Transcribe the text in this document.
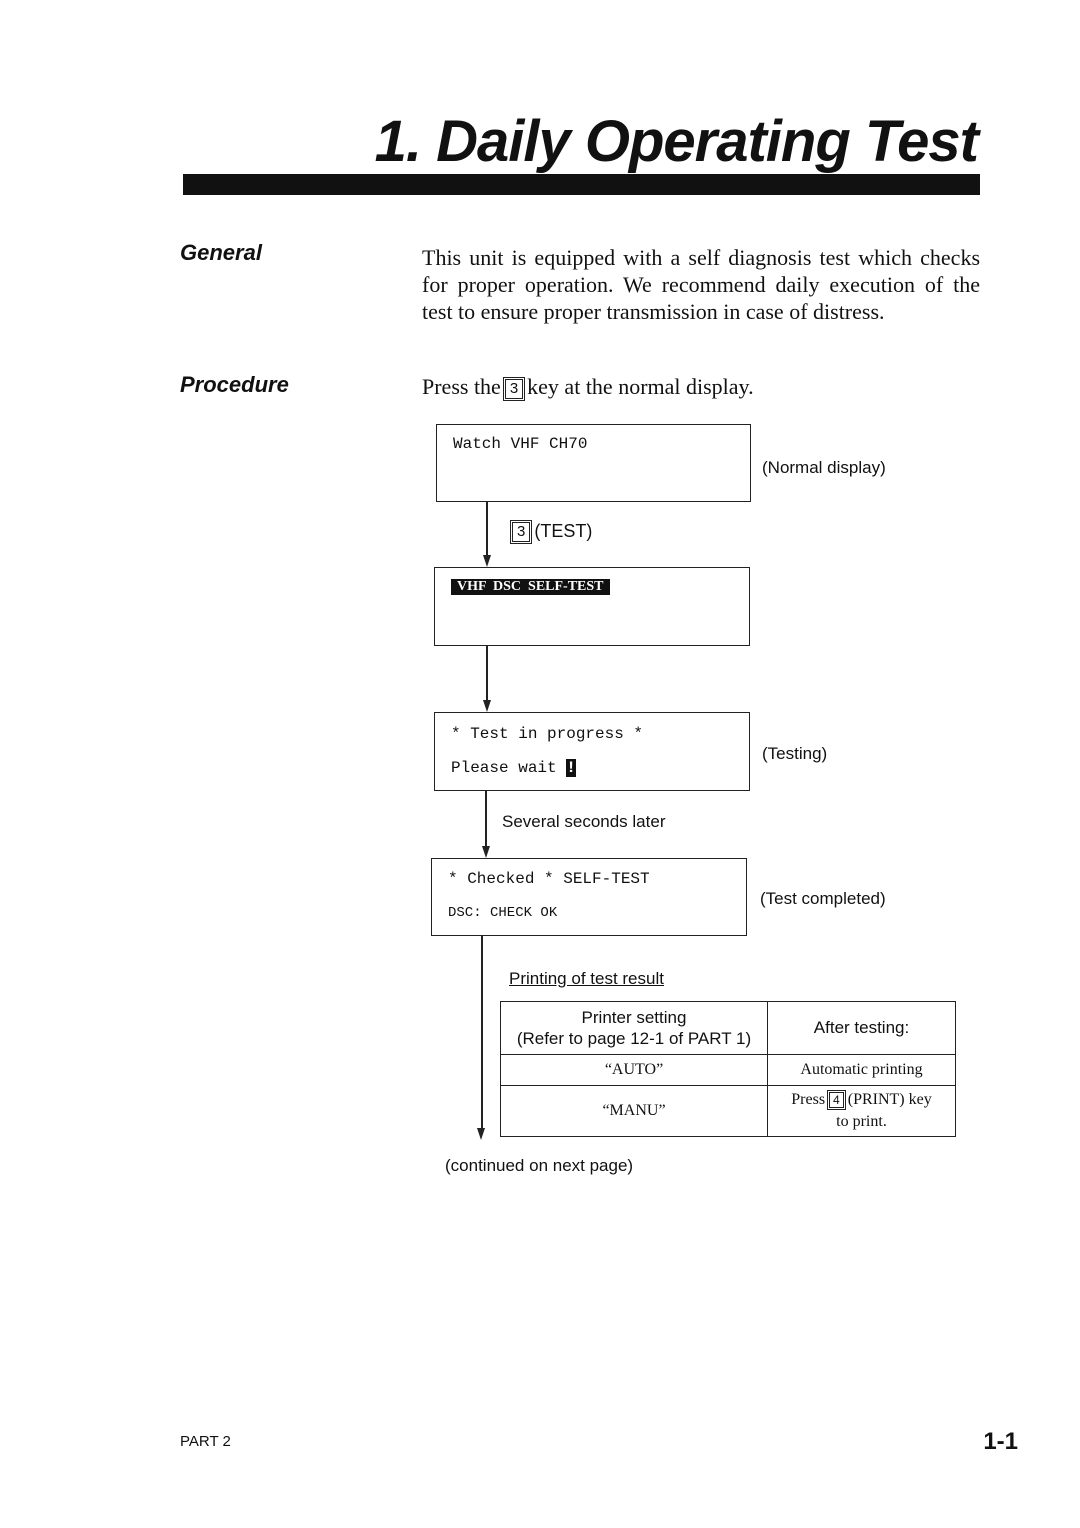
1. Daily Operating Test
General	This unit is equipped with a self diagnosis test which checks for proper operation. We recommend daily execution of the test to ensure proper transmission in case of distress.
Procedure	Press the 3 key at the normal display.
Watch VHF CH70
(Normal display)
3 (TEST)
VHF  DSC  SELF-TEST
* Test in progress *
Please wait !
(Testing)
Several seconds later
* Checked * SELF-TEST
DSC: CHECK OK
(Test completed)
Printing of test result
Printer setting
(Refer to page 12-1 of PART 1)	After testing:
“AUTO”	Automatic printing
“MANU”	Press 4 (PRINT) key
to print.
(continued on next page)
PART 2	1-1
